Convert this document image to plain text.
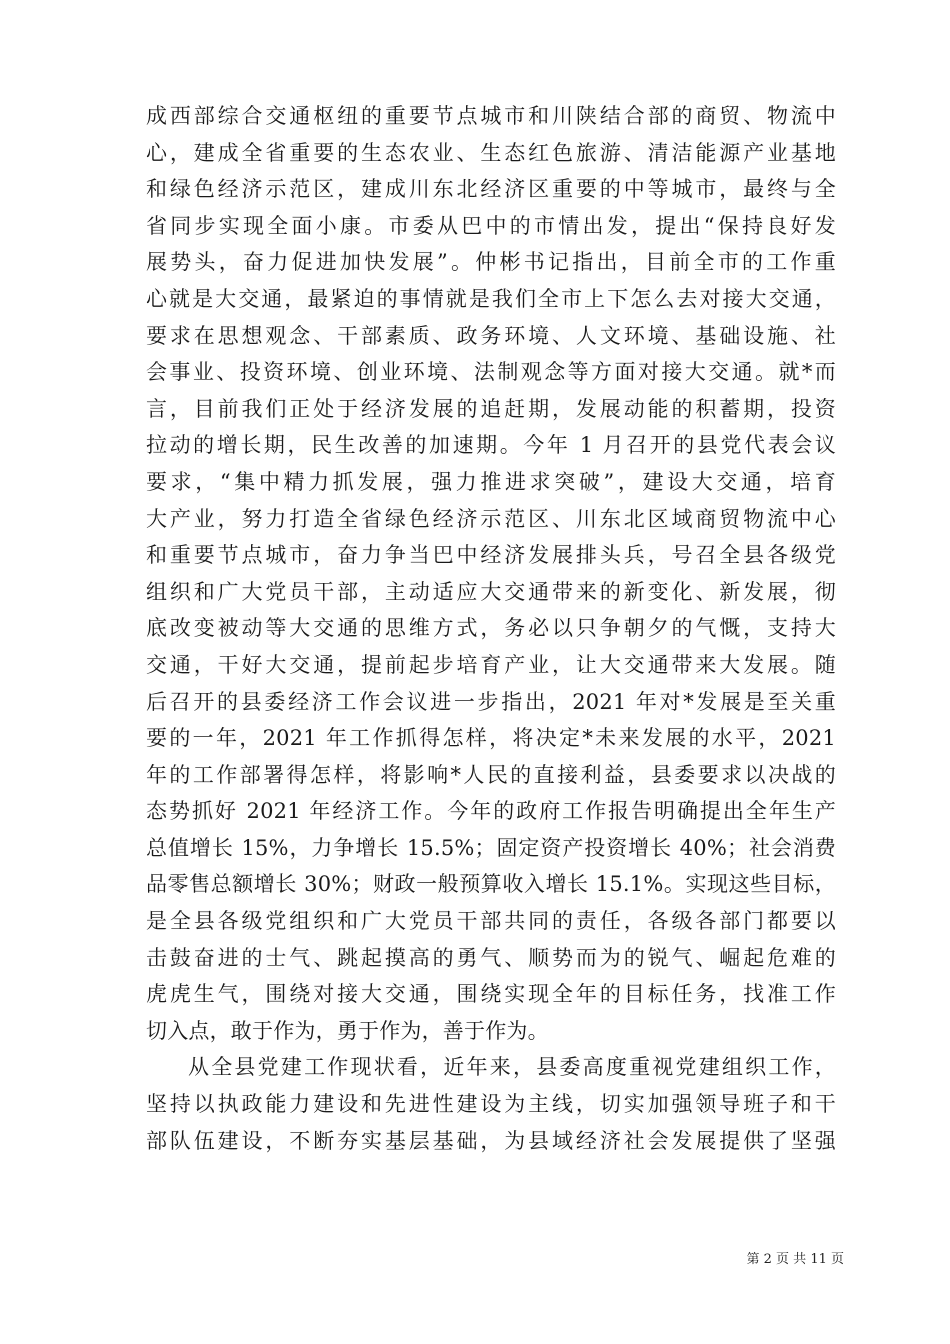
成西部综合交通枢纽的重要节点城市和川陕结合部的商贸、物流中
心，建成全省重要的生态农业、生态红色旅游、清洁能源产业基地
和绿色经济示范区，建成川东北经济区重要的中等城市，最终与全
省同步实现全面小康。市委从巴中的市情出发，提出“保持良好发
展势头，奋力促进加快发展”。仲彬书记指出，目前全市的工作重
心就是大交通，最紧迫的事情就是我们全市上下怎么去对接大交通，
要求在思想观念、干部素质、政务环境、人文环境、基础设施、社
会事业、投资环境、创业环境、法制观念等方面对接大交通。就*而
言，目前我们正处于经济发展的追赶期，发展动能的积蓄期，投资
拉动的增长期，民生改善的加速期。今年 1 月召开的县党代表会议
要求，“集中精力抓发展，强力推进求突破”，建设大交通，培育
大产业，努力打造全省绿色经济示范区、川东北区域商贸物流中心
和重要节点城市，奋力争当巴中经济发展排头兵，号召全县各级党
组织和广大党员干部，主动适应大交通带来的新变化、新发展，彻
底改变被动等大交通的思维方式，务必以只争朝夕的气慨，支持大
交通，干好大交通，提前起步培育产业，让大交通带来大发展。随
后召开的县委经济工作会议进一步指出，2021 年对*发展是至关重
要的一年，2021 年工作抓得怎样，将决定*未来发展的水平，2021
年的工作部署得怎样，将影响*人民的直接利益，县委要求以决战的
态势抓好 2021 年经济工作。今年的政府工作报告明确提出全年生产
总值增长 15%，力争增长 15.5%；固定资产投资增长 40%；社会消费
品零售总额增长 30%；财政一般预算收入增长 15.1%。实现这些目标，
是全县各级党组织和广大党员干部共同的责任，各级各部门都要以
击鼓奋进的士气、跳起摸高的勇气、顺势而为的锐气、崛起危难的
虎虎生气，围绕对接大交通，围绕实现全年的目标任务，找准工作
切入点，敢于作为，勇于作为，善于作为。
从全县党建工作现状看，近年来，县委高度重视党建组织工作，
坚持以执政能力建设和先进性建设为主线，切实加强领导班子和干
部队伍建设，不断夯实基层基础，为县域经济社会发展提供了坚强
第 2 页 共 11 页
